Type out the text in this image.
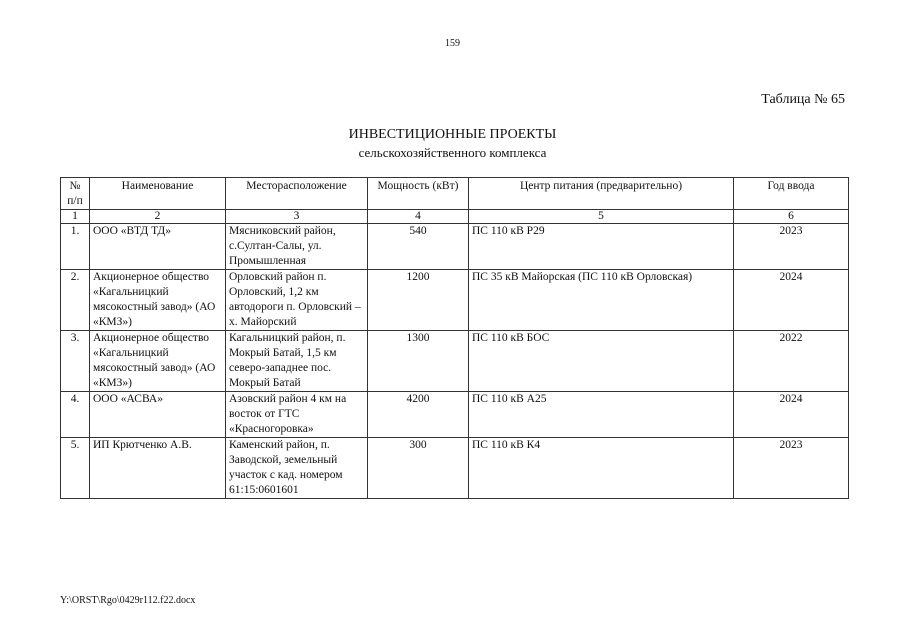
159
Таблица № 65
ИНВЕСТИЦИОННЫЕ ПРОЕКТЫ
сельскохозяйственного комплекса
№ п/п	Наименование	Месторасположение	Мощность (кВт)	Центр питания (предварительно)	Год ввода
1	2	3	4	5	6
1.	ООО «ВТД ТД»	Мясниковский район, с.Султан-Салы, ул. Промышленная	540	ПС 110 кВ Р29	2023
2.	Акционерное общество «Кагальницкий мясокостный завод» (АО «КМЗ»)	Орловский район п. Орловский, 1,2 км автодороги п. Орловский – х. Майорский	1200	ПС 35 кВ Майорская (ПС 110 кВ Орловская)	2024
3.	Акционерное общество «Кагальницкий мясокостный завод» (АО «КМЗ»)	Кагальницкий район, п. Мокрый Батай, 1,5 км северо-западнее пос. Мокрый Батай	1300	ПС 110 кВ БОС	2022
4.	ООО «АСВА»	Азовский район 4 км на восток от ГТС «Красногоровка»	4200	ПС 110 кВ А25	2024
5.	ИП Крютченко А.В.	Каменский район, п. Заводской, земельный участок с кад. номером 61:15:0601601	300	ПС 110 кВ К4	2023
Y:\ORST\Rgo\0429r112.f22.docx
